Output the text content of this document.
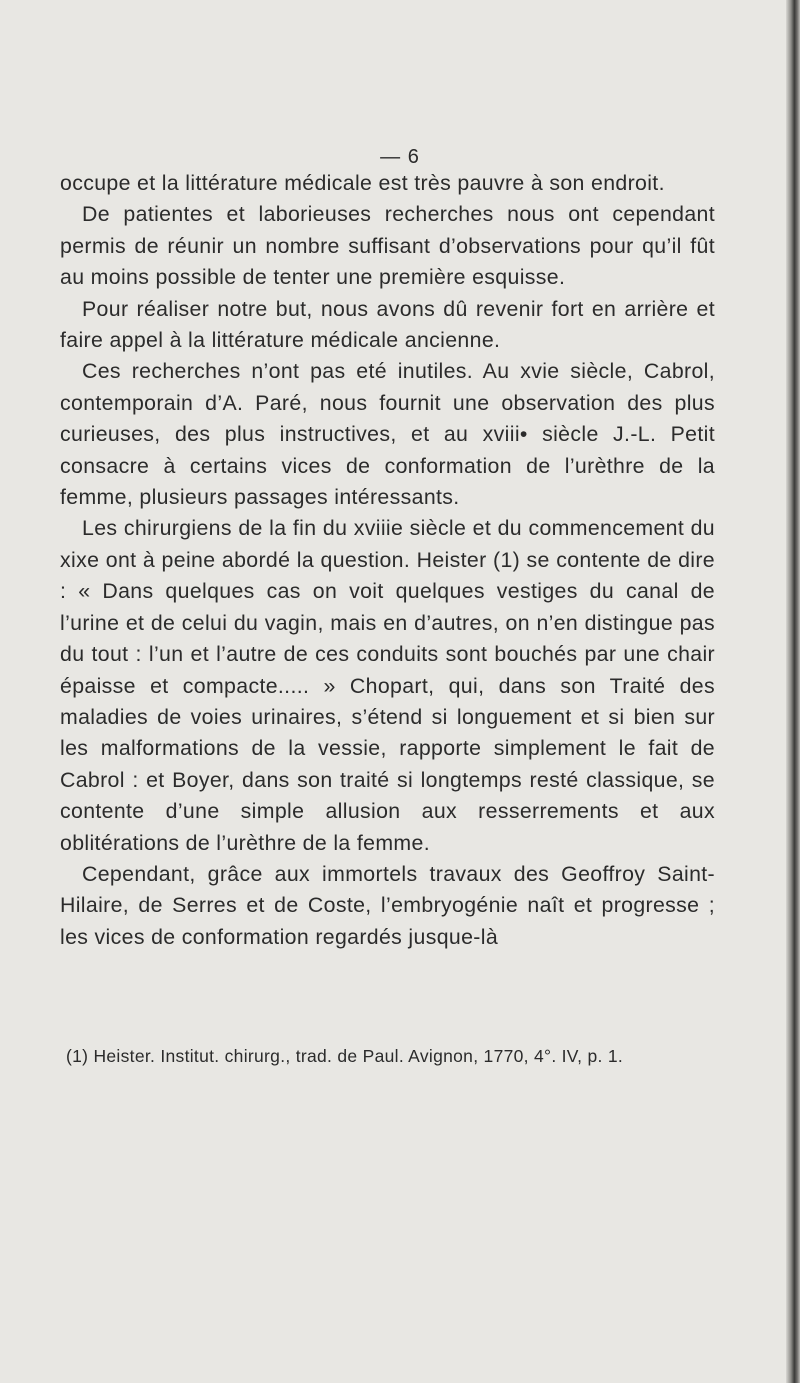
— 6

occupe et la littérature médicale est très pauvre à son endroit.

De patientes et laborieuses recherches nous ont cependant permis de réunir un nombre suffisant d’observations pour qu’il fût au moins possible de tenter une première esquisse.

Pour réaliser notre but, nous avons dû revenir fort en arrière et faire appel à la littérature médicale ancienne.

Ces recherches n’ont pas eté inutiles. Au xvie siècle, Cabrol, contemporain d’A. Paré, nous fournit une observation des plus curieuses, des plus instructives, et au xviii• siècle J.-L. Petit consacre à certains vices de conformation de l’urèthre de la femme, plusieurs passages intéressants.

Les chirurgiens de la fin du xviiie siècle et du commencement du xixe ont à peine abordé la question. Heister (1) se contente de dire : « Dans quelques cas on voit quelques vestiges du canal de l’urine et de celui du vagin, mais en d’autres, on n’en distingue pas du tout : l’un et l’autre de ces conduits sont bouchés par une chair épaisse et compacte..... » Chopart, qui, dans son Traité des maladies de voies urinaires, s’étend si longuement et si bien sur les malformations de la vessie, rapporte simplement le fait de Cabrol : et Boyer, dans son traité si longtemps resté classique, se contente d’une simple allusion aux resserrements et aux oblitérations de l’urèthre de la femme.

Cependant, grâce aux immortels travaux des Geoffroy Saint-Hilaire, de Serres et de Coste, l’embryogénie naît et progresse ; les vices de conformation regardés jusque-là

(1) Heister. Institut. chirurg., trad. de Paul. Avignon, 1770, 4°. IV, p. 1.
